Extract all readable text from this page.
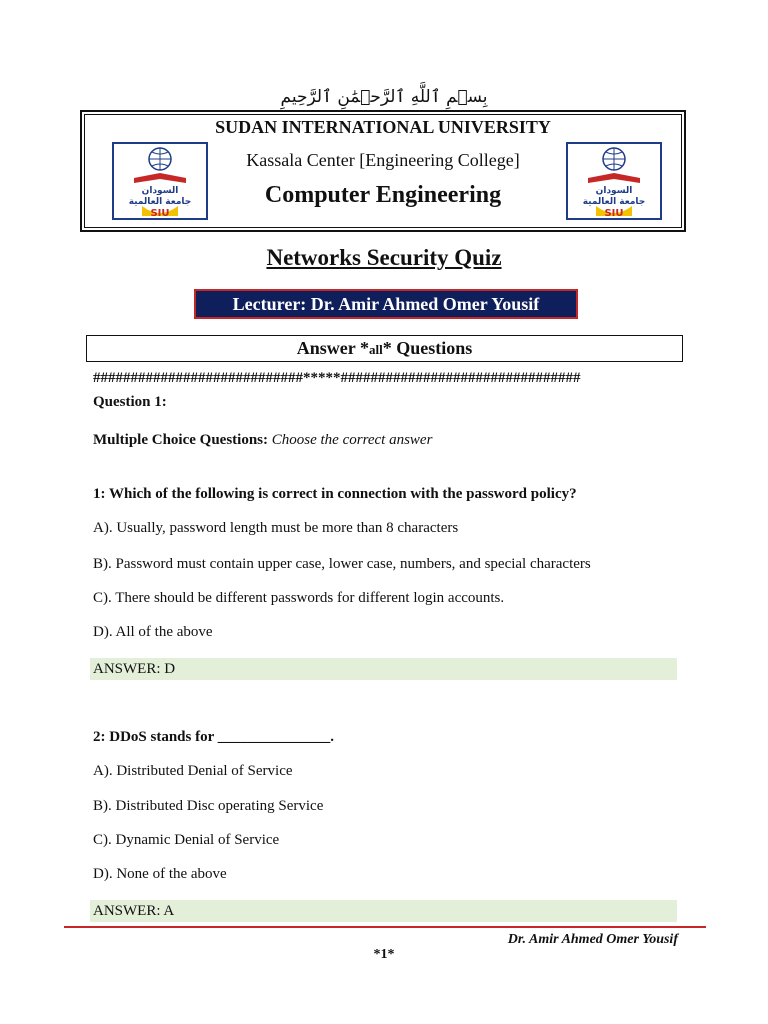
بِسۡمِ ٱللَّهِ ٱلرَّحۡمَٰنِ ٱلرَّحِيمِ
SUDAN INTERNATIONAL UNIVERSITY
Kassala Center [Engineering College]
Computer Engineering
السودان
جامعة العالمية
SIU
السودان
جامعة العالمية
SIU
Networks Security Quiz
Lecturer: Dr. Amir Ahmed Omer Yousif
Answer *all* Questions
############################*****################################
Question 1:
Multiple Choice Questions: Choose the correct answer
1: Which of the following is correct in connection with the password policy?
A). Usually, password length must be more than 8 characters
B). Password must contain upper case, lower case, numbers, and special characters
C). There should be different passwords for different login accounts.
D). All of the above
ANSWER: D
2: DDoS stands for _______________.
A). Distributed Denial of Service
B). Distributed Disc operating Service
C). Dynamic Denial of Service
D). None of the above
ANSWER: A
Dr. Amir Ahmed Omer Yousif
*1*
